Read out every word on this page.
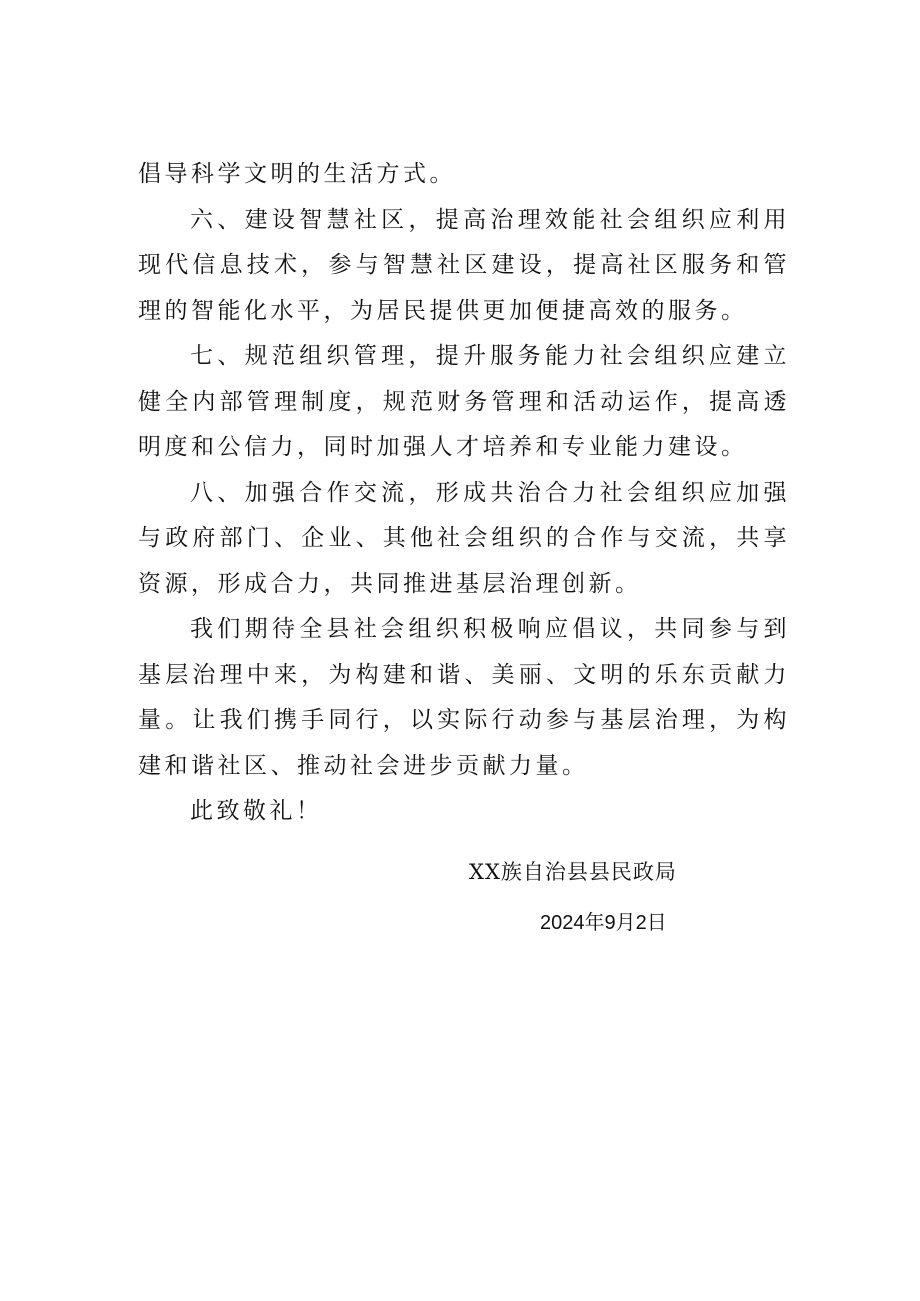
倡导科学文明的生活方式。

六、建设智慧社区，提高治理效能社会组织应利用现代信息技术，参与智慧社区建设，提高社区服务和管理的智能化水平，为居民提供更加便捷高效的服务。

七、规范组织管理，提升服务能力社会组织应建立健全内部管理制度，规范财务管理和活动运作，提高透明度和公信力，同时加强人才培养和专业能力建设。

八、加强合作交流，形成共治合力社会组织应加强与政府部门、企业、其他社会组织的合作与交流，共享资源，形成合力，共同推进基层治理创新。

我们期待全县社会组织积极响应倡议，共同参与到基层治理中来，为构建和谐、美丽、文明的乐东贡献力量。让我们携手同行，以实际行动参与基层治理，为构建和谐社区、推动社会进步贡献力量。

此致敬礼！

XX族自治县县民政局

2024年9月2日
